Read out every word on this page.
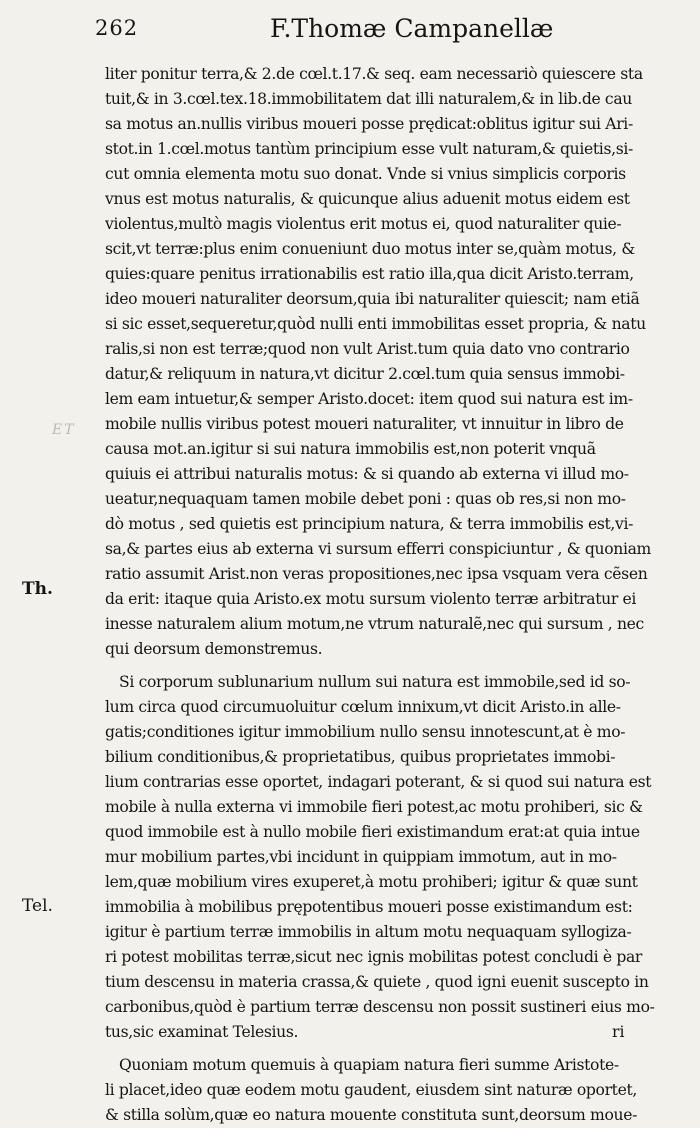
262	F.Thomæ Campanellæ
ET
Th.
Tel.
liter ponitur terra,& 2.de cœl.t.17.& seq. eam necessariò quiescere sta
tuit,& in 3.cœl.tex.18.immobilitatem dat illi naturalem,& in lib.de cau
sa motus an.nullis viribus moueri posse prędicat:oblitus igitur sui Ari-
stot.in 1.cœl.motus tantùm principium esse vult naturam,& quietis,si-
cut omnia elementa motu suo donat. Vnde si vnius simplicis corporis
vnus est motus naturalis, & quicunque alius aduenit motus eidem est
violentus,multò magis violentus erit motus ei, quod naturaliter quie-
scit,vt terræ:plus enim conueniunt duo motus inter se,quàm motus, &
quies:quare penitus irrationabilis est ratio illa,qua dicit Aristo.terram,
ideo moueri naturaliter deorsum,quia ibi naturaliter quiescit; nam etiã
si sic esset,sequeretur,quòd nulli enti immobilitas esset propria, & natu
ralis,si non est terræ;quod non vult Arist.tum quia dato vno contrario
datur,& reliquum in natura,vt dicitur 2.cœl.tum quia sensus immobi-
lem eam intuetur,& semper Aristo.docet: item quod sui natura est im-
mobile nullis viribus potest moueri naturaliter, vt innuitur in libro de
causa mot.an.igitur si sui natura immobilis est,non poterit vnquã
quiuis ei attribui naturalis motus: & si quando ab externa vi illud mo-
ueatur,nequaquam tamen mobile debet poni : quas ob res,si non mo-
dò motus , sed quietis est principium natura, & terra immobilis est,vi-
sa,& partes eius ab externa vi sursum efferri conspiciuntur , & quoniam
ratio assumit Arist.non veras propositiones,nec ipsa vsquam vera cẽsen
da erit: itaque quia Aristo.ex motu sursum violento terræ arbitratur ei
inesse naturalem alium motum,ne vtrum naturalẽ,nec qui sursum , nec
qui deorsum demonstremus.
Si corporum sublunarium nullum sui natura est immobile,sed id so-
lum circa quod circumuoluitur cœlum innixum,vt dicit Aristo.in alle-
gatis;conditiones igitur immobilium nullo sensu innotescunt,at è mo-
bilium conditionibus,& proprietatibus, quibus proprietates immobi-
lium contrarias esse oportet, indagari poterant, & si quod sui natura est
mobile à nulla externa vi immobile fieri potest,ac motu prohiberi, sic &
quod immobile est à nullo mobile fieri existimandum erat:at quia intue
mur mobilium partes,vbi incidunt in quippiam immotum, aut in mo-
lem,quæ mobilium vires exuperet,à motu prohiberi; igitur & quæ sunt
immobilia à mobilibus prępotentibus moueri posse existimandum est:
igitur è partium terræ immobilis in altum motu nequaquam syllogiza-
ri potest mobilitas terræ,sicut nec ignis mobilitas potest concludi è par
tium descensu in materia crassa,& quiete , quod igni euenit suscepto in
carbonibus,quòd è partium terræ descensu non possit sustineri eius mo-
tus,sic examinat Telesius.
Quoniam motum quemuis à quapiam natura fieri summe Aristote-
li placet,ideo quæ eodem motu gaudent, eiusdem sint naturæ oportet,
& stilla solùm,quæ eo natura mouente constituta sunt,deorsum moue-
ri
